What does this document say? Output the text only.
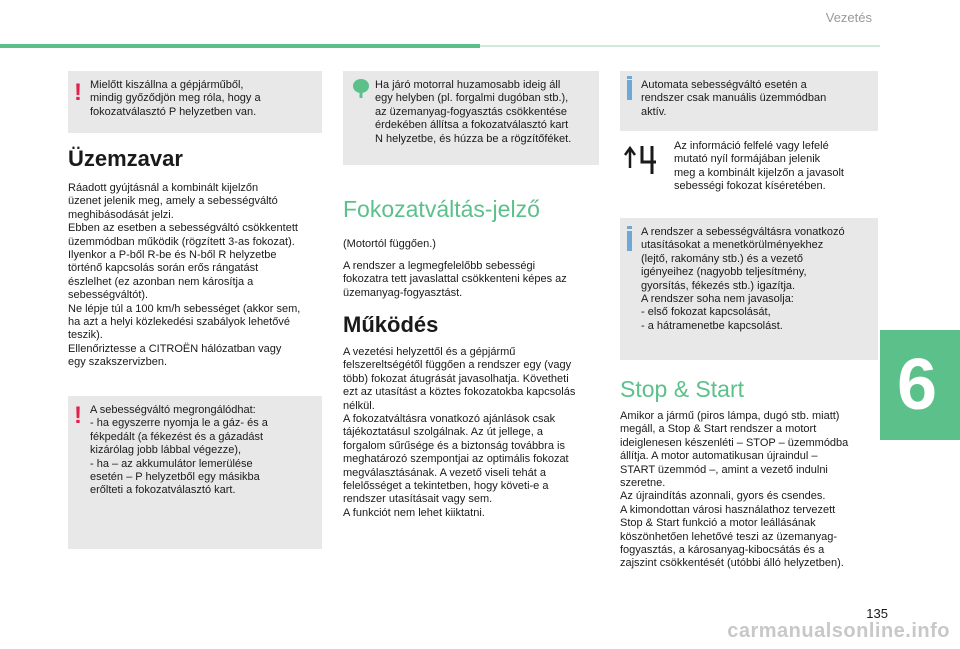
Vezetés
6
! Mielőtt kiszállna a gépjárműből,
mindig győződjön meg róla, hogy a
fokozatválasztó P helyzetben van.

Üzemzavar

Ráadott gyújtásnál a kombinált kijelzőn
üzenet jelenik meg, amely a sebességváltó
meghibásodását jelzi.
Ebben az esetben a sebességváltó csökkentett
üzemmódban működik (rögzített 3-as fokozat).
Ilyenkor a P-ből R-be és N-ből R helyzetbe
történő kapcsolás során erős rángatást
észlelhet (ez azonban nem károsítja a
sebességváltót).
Ne lépje túl a 100 km/h sebességet (akkor sem,
ha azt a helyi közlekedési szabályok lehetővé
teszik).
Ellenőriztesse a CITROËN hálózatban vagy
egy szakszervizben.

! A sebességváltó megrongálódhat:
- ha egyszerre nyomja le a gáz- és a
fékpedált (a fékezést és a gázadást
kizárólag jobb lábbal végezze),
- ha – az akkumulátor lemerülése
esetén – P helyzetből egy másikba
erőlteti a fokozatválasztó kart.

Ha járó motorral huzamosabb ideig áll
egy helyben (pl. forgalmi dugóban stb.),
az üzemanyag-fogyasztás csökkentése
érdekében állítsa a fokozatválasztó kart
N helyzetbe, és húzza be a rögzítőféket.

Fokozatváltás-jelző

(Motortól függően.)

A rendszer a legmegfelelőbb sebességi
fokozatra tett javaslattal csökkenteni képes az
üzemanyag-fogyasztást.

Működés

A vezetési helyzettől és a gépjármű
felszereltségétől függően a rendszer egy (vagy
több) fokozat átugrását javasolhatja. Követheti
ezt az utasítást a köztes fokozatokba kapcsolás
nélkül.
A fokozatváltásra vonatkozó ajánlások csak
tájékoztatásul szolgálnak. Az út jellege, a
forgalom sűrűsége és a biztonság továbbra is
meghatározó szempontjai az optimális fokozat
megválasztásának. A vezető viseli tehát a
felelősséget a tekintetben, hogy követi-e a
rendszer utasításait vagy sem.
A funkciót nem lehet kiiktatni.

Automata sebességváltó esetén a
rendszer csak manuális üzemmódban
aktív.

Az információ felfelé vagy lefelé
mutató nyíl formájában jelenik
meg a kombinált kijelzőn a javasolt
sebességi fokozat kíséretében.

A rendszer a sebességváltásra vonatkozó
utasításokat a menetkörülményekhez
(lejtő, rakomány stb.) és a vezető
igényeihez (nagyobb teljesítmény,
gyorsítás, fékezés stb.) igazítja.
A rendszer soha nem javasolja:
- első fokozat kapcsolását,
- a hátramenetbe kapcsolást.

Stop & Start

Amikor a jármű (piros lámpa, dugó stb. miatt)
megáll, a Stop & Start rendszer a motort
ideiglenesen készenléti – STOP – üzemmódba
állítja. A motor automatikusan újraindul –
START üzemmód –, amint a vezető indulni
szeretne.
Az újraindítás azonnali, gyors és csendes.
A kimondottan városi használathoz tervezett
Stop & Start funkció a motor leállásának
köszönhetően lehetővé teszi az üzemanyag-
fogyasztás, a károsanyag-kibocsátás és a
zajszint csökkentését (utóbbi álló helyzetben).

135
carmanualsonline.info
